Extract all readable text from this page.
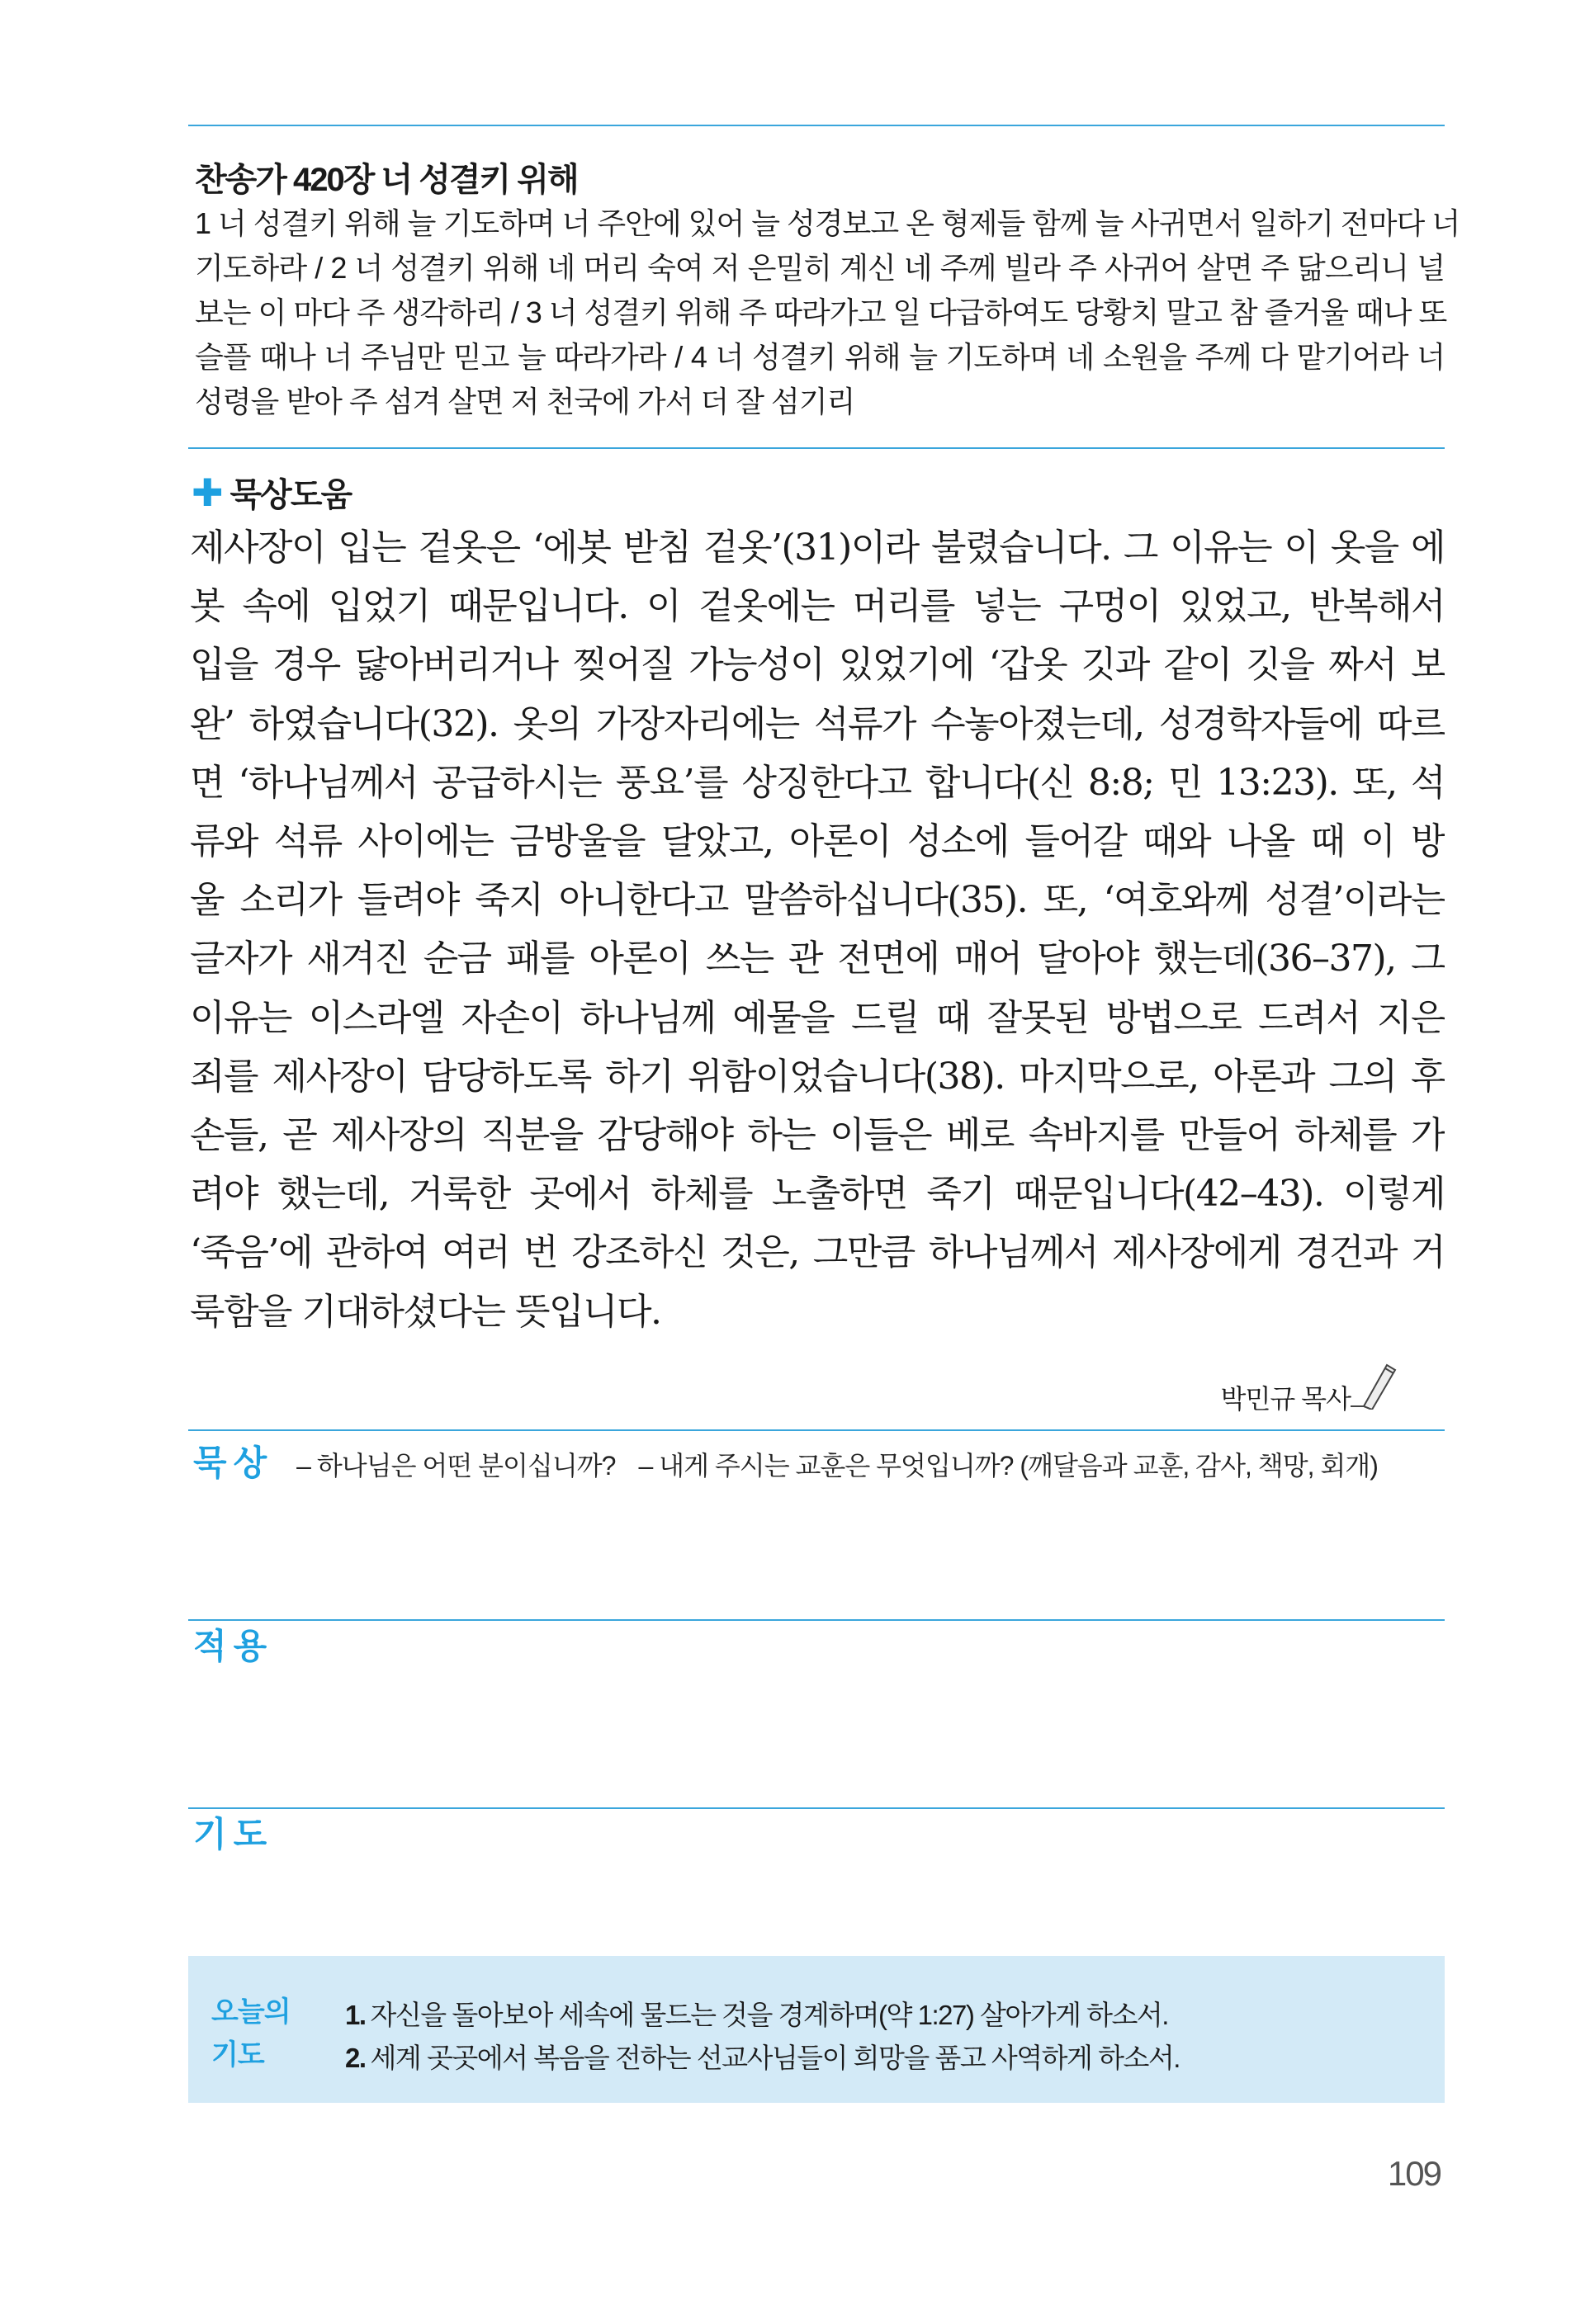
찬송가 420장 너 성결키 위해
1 너 성결키 위해 늘 기도하며 너 주안에 있어 늘 성경보고 온 형제들 함께 늘 사귀면서 일하기 전마다 너
기도하라 / 2 너 성결키 위해 네 머리 숙여 저 은밀히 계신 네 주께 빌라 주 사귀어 살면 주 닮으리니 널
보는 이 마다 주 생각하리 / 3 너 성결키 위해 주 따라가고 일 다급하여도 당황치 말고 참 즐거울 때나 또
슬플 때나 너 주님만 믿고 늘 따라가라 / 4 너 성결키 위해 늘 기도하며 네 소원을 주께 다 맡기어라 너
성령을 받아 주 섬겨 살면 저 천국에 가서 더 잘 섬기리
✚ 묵상도움
제사장이 입는 겉옷은 ‘에봇 받침 겉옷’(31)이라 불렸습니다. 그 이유는 이 옷을 에
봇 속에 입었기 때문입니다. 이 겉옷에는 머리를 넣는 구멍이 있었고, 반복해서
입을 경우 닳아버리거나 찢어질 가능성이 있었기에 ‘갑옷 깃과 같이 깃을 짜서 보
완’ 하였습니다(32). 옷의 가장자리에는 석류가 수놓아졌는데, 성경학자들에 따르
면 ‘하나님께서 공급하시는 풍요’를 상징한다고 합니다(신 8:8; 민 13:23). 또, 석
류와 석류 사이에는 금방울을 달았고, 아론이 성소에 들어갈 때와 나올 때 이 방
울 소리가 들려야 죽지 아니한다고 말씀하십니다(35). 또, ‘여호와께 성결’이라는
글자가 새겨진 순금 패를 아론이 쓰는 관 전면에 매어 달아야 했는데(36–37), 그
이유는 이스라엘 자손이 하나님께 예물을 드릴 때 잘못된 방법으로 드려서 지은
죄를 제사장이 담당하도록 하기 위함이었습니다(38). 마지막으로, 아론과 그의 후
손들, 곧 제사장의 직분을 감당해야 하는 이들은 베로 속바지를 만들어 하체를 가
려야 했는데, 거룩한 곳에서 하체를 노출하면 죽기 때문입니다(42–43). 이렇게
‘죽음’에 관하여 여러 번 강조하신 것은, 그만큼 하나님께서 제사장에게 경건과 거
룩함을 기대하셨다는 뜻입니다.
박민규 목사
묵상 – 하나님은 어떤 분이십니까? – 내게 주시는 교훈은 무엇입니까? (깨달음과 교훈, 감사, 책망, 회개)
적용
기도
오늘의
기도
1. 자신을 돌아보아 세속에 물드는 것을 경계하며(약 1:27) 살아가게 하소서.
2. 세계 곳곳에서 복음을 전하는 선교사님들이 희망을 품고 사역하게 하소서.
109
